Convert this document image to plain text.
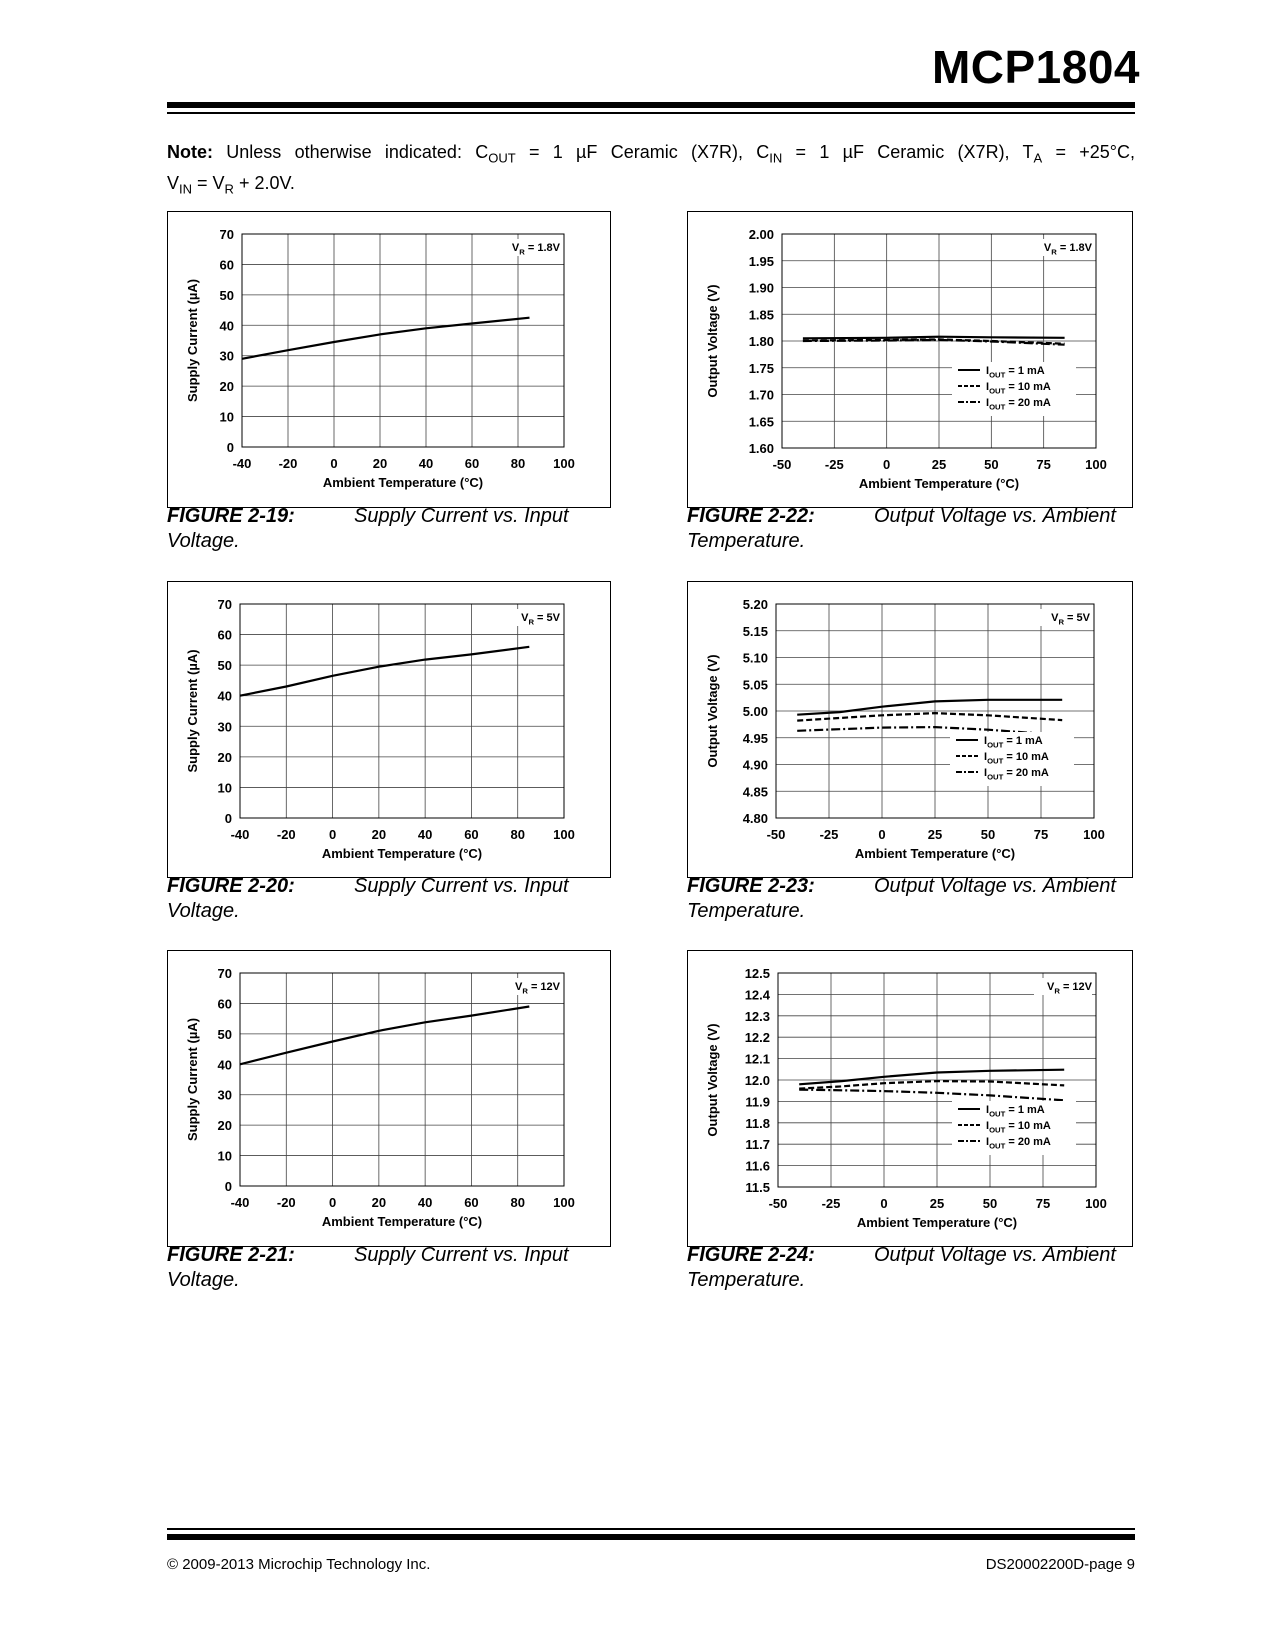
MCP1804

Note: Unless otherwise indicated: $C_{OUT} = 1$ µF Ceramic (X7R), $C_{IN} = 1$ µF Ceramic (X7R), $T_A = +25^\circ C$,
$V_{IN} = V_R + 2.0V$.

-40 -20	0	20 40 60 80 100
0
10
20
30
40
50
60
70
Ambient Temperature (°C)
Supply Current (µA)
$V_R = 1.8V$
-40 -20	0	20 40 60 80 100
0
10
20
30
40
50
60
70
Ambient Temperature (°C)
Supply Current (µA)
$V_R = 5V$
-40 -20	0	20 40 60 80 100
0
10
20
30
40
50
60
70
Ambient Temperature (°C)
Supply Current (µA)
$V_R = 12V$
-50	-25	0	25	50	75	100
1.60
1.65
1.70
1.75
1.80
1.85
1.90
1.95
2.00
Ambient Temperature (°C)
Output Voltage (V)
$V_R = 1.8V$
$I_{OUT} = 1$ mA
$I_{OUT} = 10$ mA
$I_{OUT} = 20$ mA
-50	-25	0	25	50	75	100
4.80
4.85
4.90
4.95
5.00
5.05
5.10
5.15
5.20
Ambient Temperature (°C)
Output Voltage (V)
$V_R = 5V$
$I_{OUT} = 1$ mA
$I_{OUT} = 10$ mA
$I_{OUT} = 20$ mA
-50	-25	0	25	50	75	100
11.5
11.6
11.7
11.8
11.9
12.0
12.1
12.2
12.3
12.4
12.5
Ambient Temperature (°C)
Output Voltage (V)
$V_R = 12V$
$I_{OUT} = 1$ mA
$I_{OUT} = 10$ mA
$I_{OUT} = 20$ mA

FIGURE 2-19:	Supply Current vs. Input
Voltage.

FIGURE 2-20:	Supply Current vs. Input
Voltage.

FIGURE 2-21:	Supply Current vs. Input
Voltage.

FIGURE 2-22:	Output Voltage vs. Ambient
Temperature.

FIGURE 2-23:	Output Voltage vs. Ambient
Temperature.

FIGURE 2-24:	Output Voltage vs. Ambient
Temperature.

© 2009-2013 Microchip Technology Inc.	DS20002200D-page 9
